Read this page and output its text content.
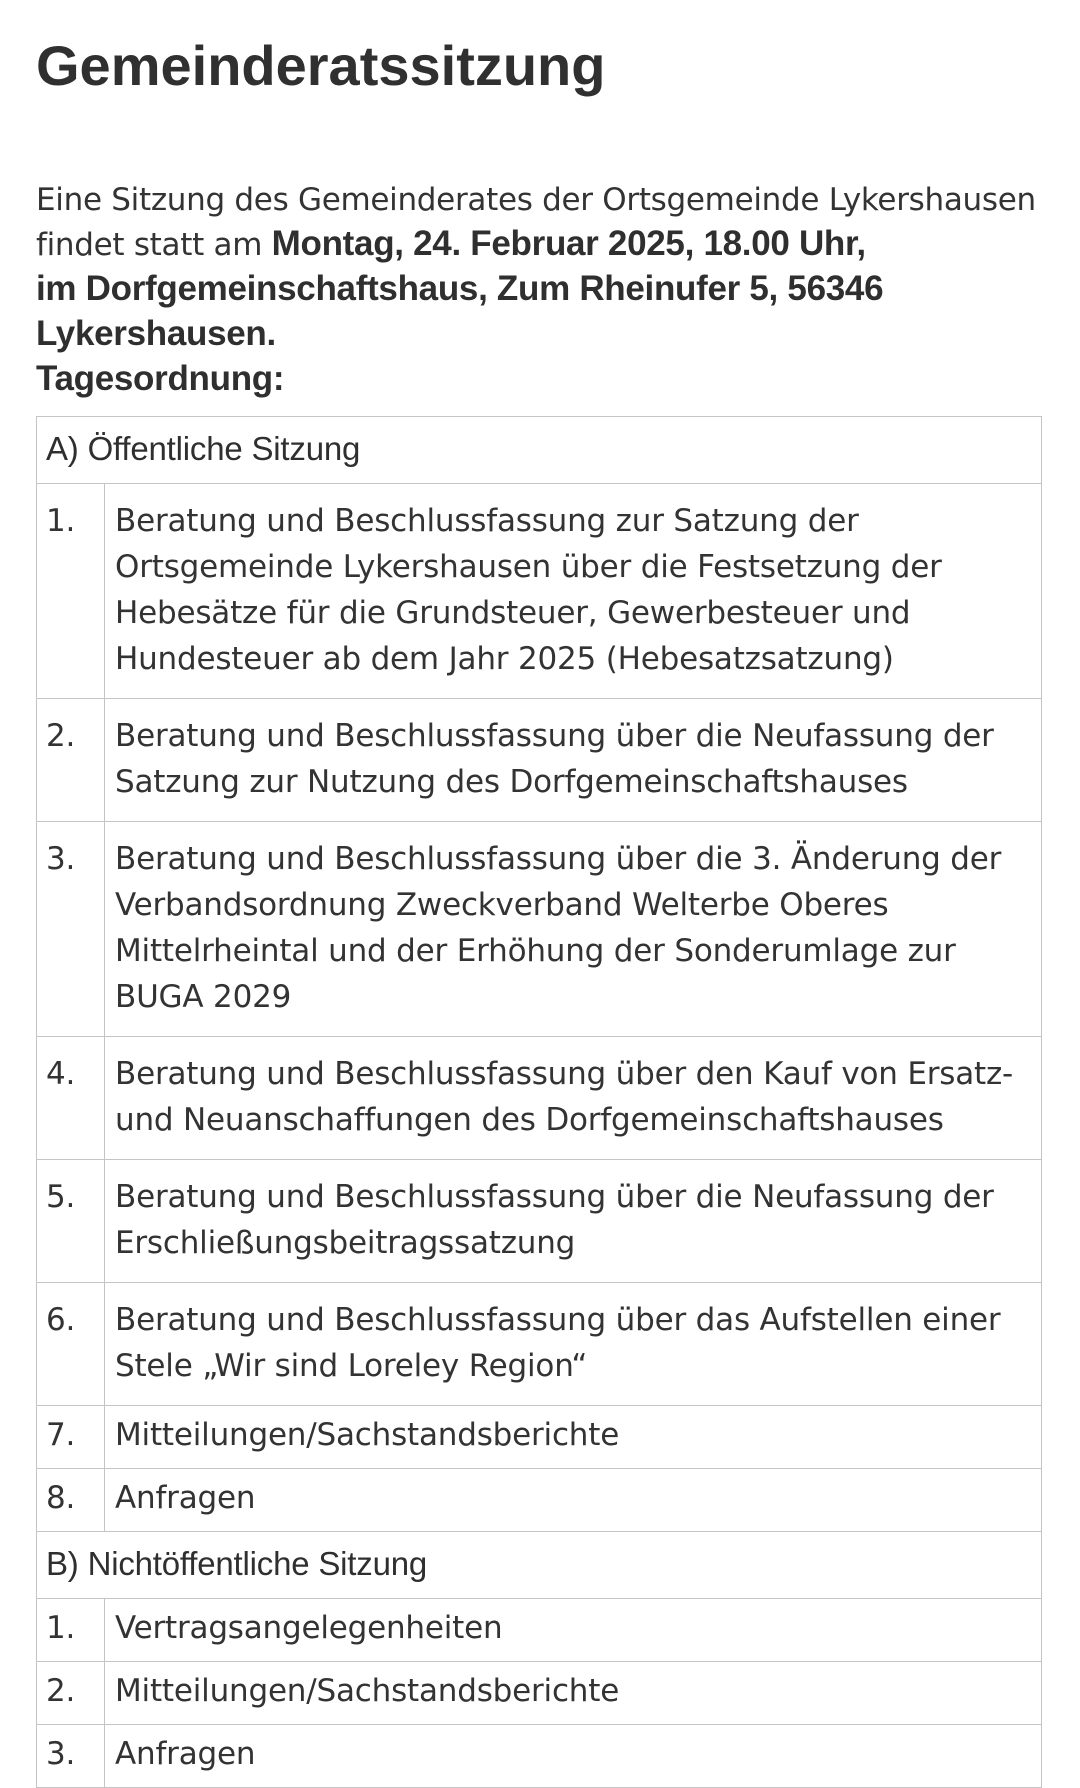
Gemeinderatssitzung
Eine Sitzung des Gemeinderates der Ortsgemeinde Lykershausen findet statt am Montag, 24. Februar 2025, 18.00 Uhr,
im Dorfgemeinschaftshaus, Zum Rheinufer 5, 56346 Lykershausen.
Tagesordnung:
A) Öffentliche Sitzung	
1.	Beratung und Beschlussfassung zur Satzung der Ortsgemeinde Lykershausen über die Festsetzung der Hebesätze für die Grundsteuer, Gewerbesteuer und Hundesteuer ab dem Jahr 2025 (Hebesatzsatzung)
2.	Beratung und Beschlussfassung über die Neufassung der Satzung zur Nutzung des Dorfgemeinschaftshauses
3.	Beratung und Beschlussfassung über die 3. Änderung der Verbandsordnung Zweckverband Welterbe Oberes Mittelrheintal und der Erhöhung der Sonderumlage zur BUGA 2029
4.	Beratung und Beschlussfassung über den Kauf von Ersatz- und Neuanschaffungen des Dorfgemeinschaftshauses
5.	Beratung und Beschlussfassung über die Neufassung der Erschließungsbeitragssatzung
6.	Beratung und Beschlussfassung über das Aufstellen einer Stele „Wir sind Loreley Region“
7.	Mitteilungen/Sachstandsberichte
8.	Anfragen
B) Nichtöffentliche Sitzung	
1.	Vertragsangelegenheiten
2.	Mitteilungen/Sachstandsberichte
3.	Anfragen
